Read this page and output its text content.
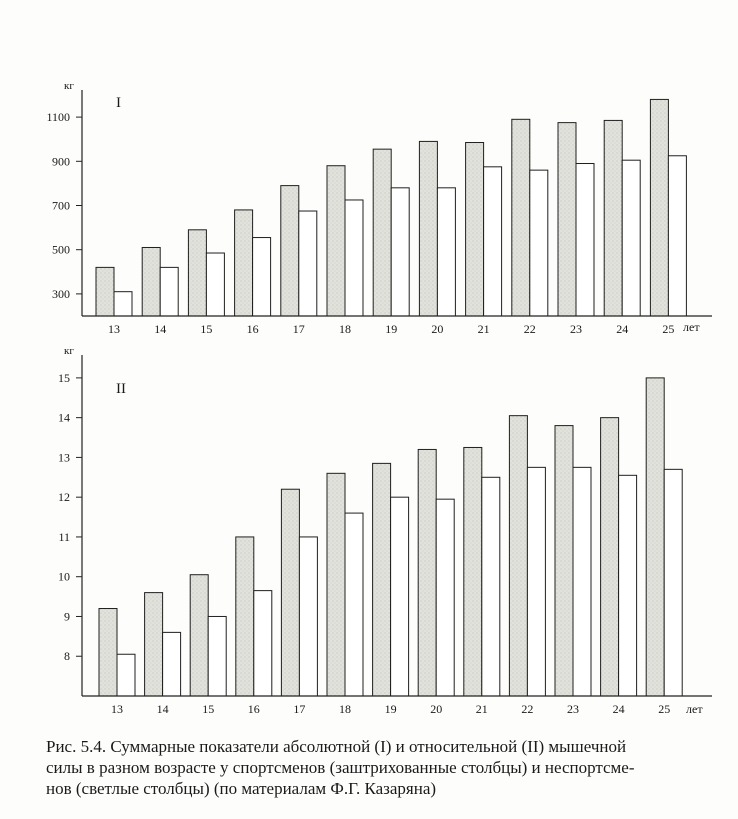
300
500
700
900
1100
13	14	15	16	17	18	19	20	21	22	23	24	25
кг
лет
I
8
9
10
11
12
13
14
15
13	14	15	16	17	18	19	20	21	22	23	24	25
кг
лет
II

Рис. 5.4. Суммарные показатели абсолютной (I) и относительной (II) мышечной

силы в разном возрасте у спортсменов (заштрихованные столбцы) и неспортсме-

нов (светлые столбцы) (по материалам Ф.Г. Казаряна)
